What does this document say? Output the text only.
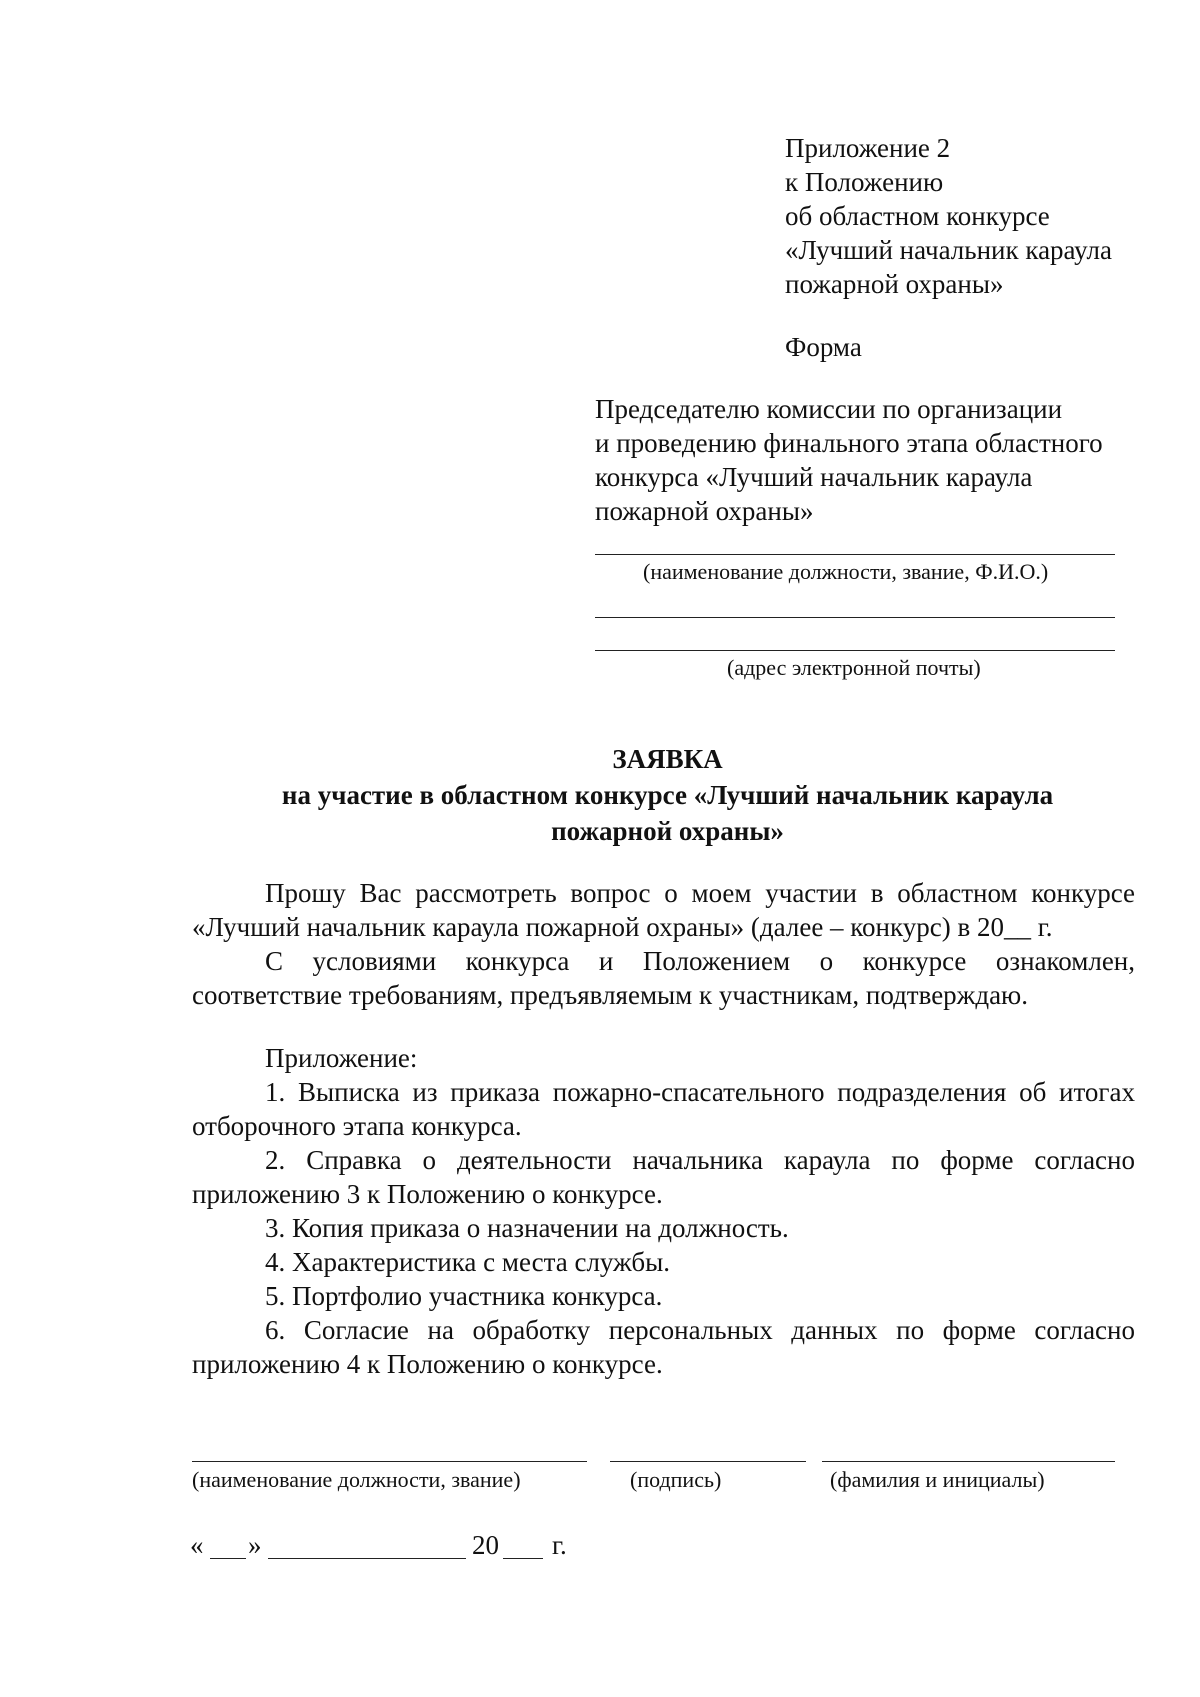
Приложение 2
к Положению
об областном конкурсе
«Лучший начальник караула
пожарной охраны»
Форма
Председателю комиссии по организации
и проведению финального этапа областного
конкурса «Лучший начальник караула
пожарной охраны»
(наименование должности, звание, Ф.И.О.)
(адрес электронной почты)
ЗАЯВКА
на участие в областном конкурсе «Лучший начальник караула
пожарной охраны»
Прошу Вас рассмотреть вопрос о моем участии в областном конкурсе
«Лучший начальник караула пожарной охраны» (далее – конкурс) в 20__ г.
С условиями конкурса и Положением о конкурсе ознакомлен,
соответствие требованиям, предъявляемым к участникам, подтверждаю.
Приложение:
1. Выписка из приказа пожарно-спасательного подразделения об итогах
отборочного этапа конкурса.
2. Справка о деятельности начальника караула по форме согласно
приложению 3 к Положению о конкурсе.
3. Копия приказа о назначении на должность.
4. Характеристика с места службы.
5. Портфолио участника конкурса.
6. Согласие на обработку персональных данных по форме согласно
приложению 4 к Положению о конкурсе.
(наименование должности, звание)	(подпись)	(фамилия и инициалы)
« »	20 г.
